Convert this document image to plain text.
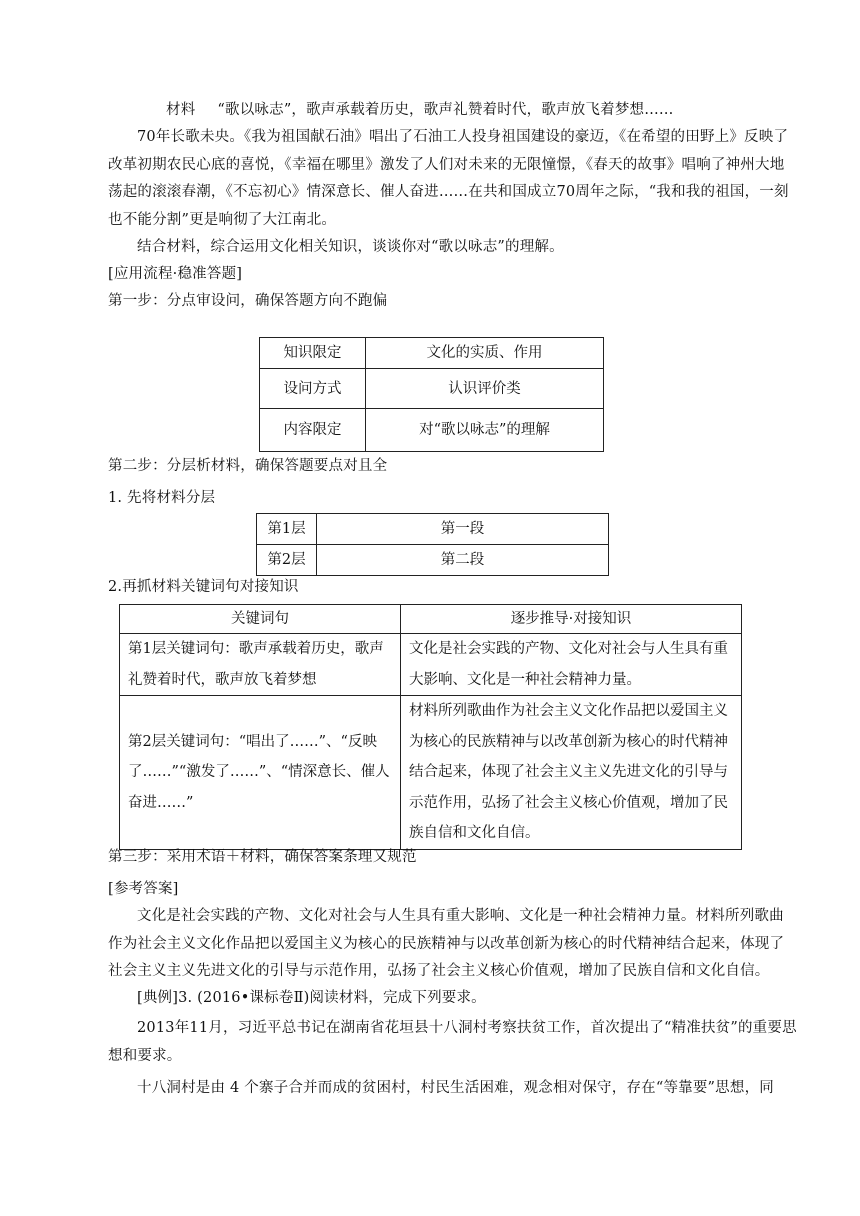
材料 “歌以咏志”，歌声承载着历史，歌声礼赞着时代，歌声放飞着梦想……

70年长歌未央。《我为祖国献石油》唱出了石油工人投身祖国建设的豪迈，《在希望的田野上》反映了改革初期农民心底的喜悦，《幸福在哪里》激发了人们对未来的无限憧憬，《春天的故事》唱响了神州大地荡起的滚滚春潮，《不忘初心》情深意长、催人奋进……在共和国成立70周年之际，“我和我的祖国，一刻也不能分割”更是响彻了大江南北。

结合材料，综合运用文化相关知识，谈谈你对“歌以咏志”的理解。

[应用流程·稳准答题]

第一步：分点审设问，确保答题方向不跑偏

知识限定	文化的实质、作用
设问方式	认识评价类
内容限定	对“歌以咏志”的理解

第二步：分层析材料，确保答题要点对且全

1. 先将材料分层

第1层	第一段
第2层	第二段

2.再抓材料关键词句对接知识

关键词句	逐步推导·对接知识
第1层关键词句：歌声承载着历史，歌声礼赞着时代，歌声放飞着梦想	文化是社会实践的产物、文化对社会与人生具有重大影响、文化是一种社会精神力量。
第2层关键词句：“唱出了……”、“反映了……”“激发了……”、“情深意长、催人奋进……”	材料所列歌曲作为社会主义文化作品把以爱国主义为核心的民族精神与以改革创新为核心的时代精神结合起来，体现了社会主义主义先进文化的引导与示范作用，弘扬了社会主义核心价值观，增加了民族自信和文化自信。

第三步：采用术语＋材料，确保答案条理又规范

[参考答案]

文化是社会实践的产物、文化对社会与人生具有重大影响、文化是一种社会精神力量。材料所列歌曲作为社会主义文化作品把以爱国主义为核心的民族精神与以改革创新为核心的时代精神结合起来，体现了社会主义主义先进文化的引导与示范作用，弘扬了社会主义核心价值观，增加了民族自信和文化自信。

[典例]3. (2016•课标卷Ⅱ)阅读材料，完成下列要求。

2013年11月，习近平总书记在湖南省花垣县十八洞村考察扶贫工作，首次提出了“精准扶贫”的重要思想和要求。

十八洞村是由 4 个寨子合并而成的贫困村，村民生活困难，观念相对保守，存在“等靠要”思想，同
